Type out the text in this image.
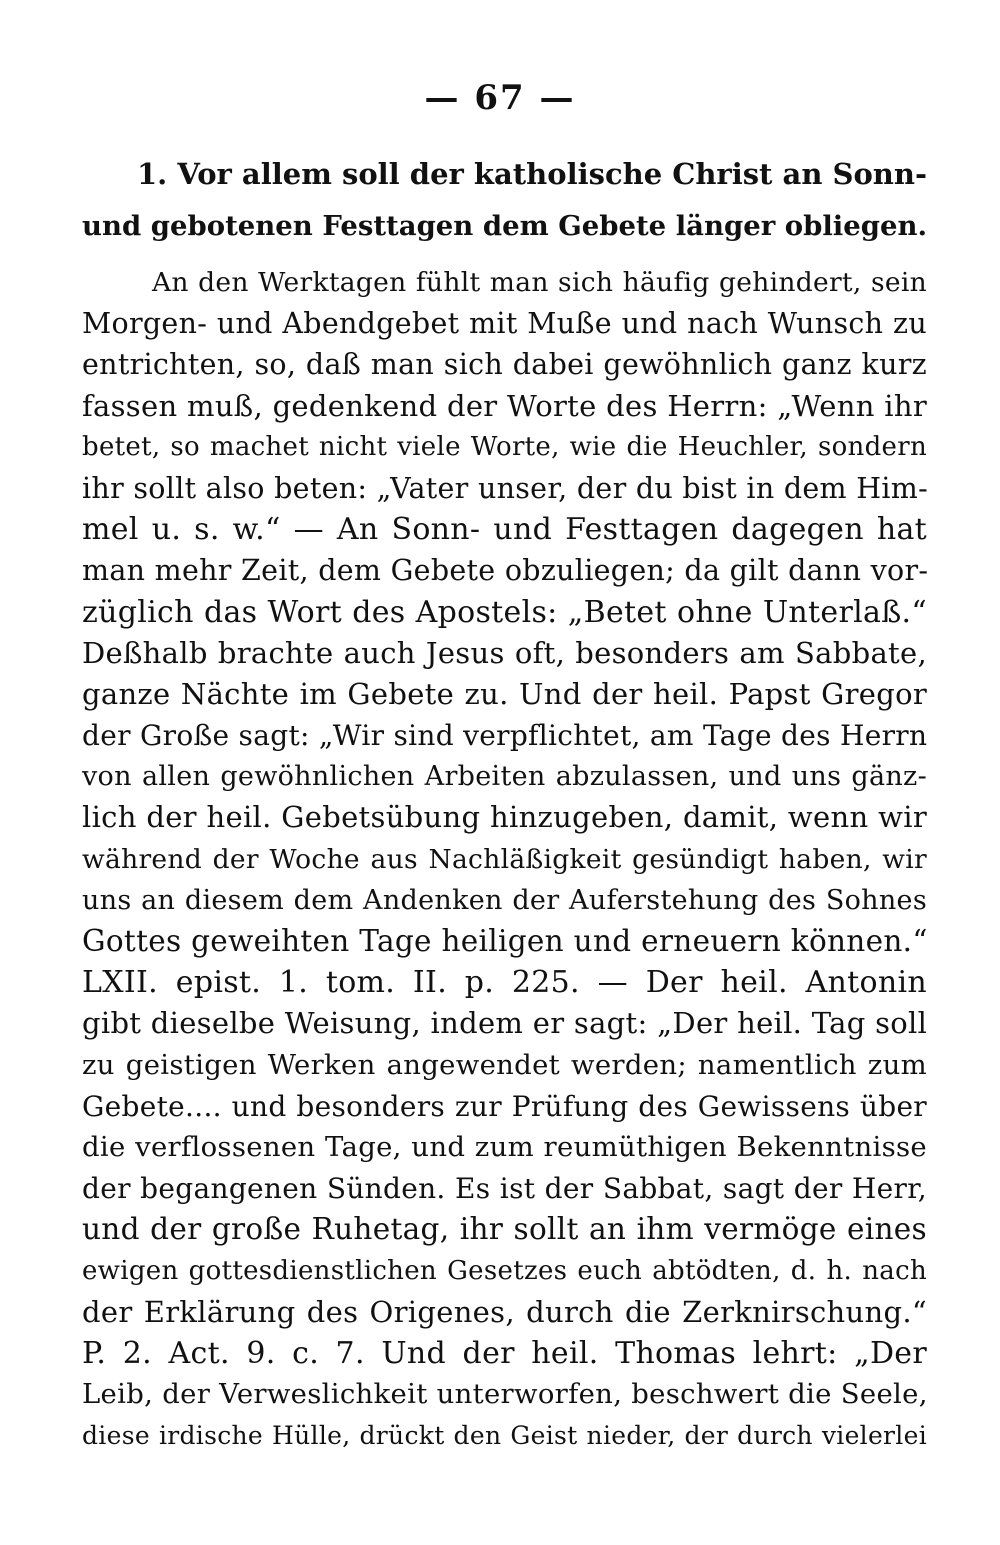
— 67 —
1. Vor allem soll der katholische Christ an Sonn-
und gebotenen Festtagen dem Gebete länger obliegen.
An den Werktagen fühlt man sich häufig gehindert, sein
Morgen- und Abendgebet mit Muße und nach Wunsch zu
entrichten, so, daß man sich dabei gewöhnlich ganz kurz
fassen muß, gedenkend der Worte des Herrn: „Wenn ihr
betet, so machet nicht viele Worte, wie die Heuchler, sondern
ihr sollt also beten: „Vater unser, der du bist in dem Him-
mel u. s. w.“ — An Sonn- und Festtagen dagegen hat
man mehr Zeit, dem Gebete obzuliegen; da gilt dann vor-
züglich das Wort des Apostels: „Betet ohne Unterlaß.“
Deßhalb brachte auch Jesus oft, besonders am Sabbate,
ganze Nächte im Gebete zu. Und der heil. Papst Gregor
der Große sagt: „Wir sind verpflichtet, am Tage des Herrn
von allen gewöhnlichen Arbeiten abzulassen, und uns gänz-
lich der heil. Gebetsübung hinzugeben, damit, wenn wir
während der Woche aus Nachläßigkeit gesündigt haben, wir
uns an diesem dem Andenken der Auferstehung des Sohnes
Gottes geweihten Tage heiligen und erneuern können.“
LXII. epist. 1. tom. II. p. 225. — Der heil. Antonin
gibt dieselbe Weisung, indem er sagt: „Der heil. Tag soll
zu geistigen Werken angewendet werden; namentlich zum
Gebete.... und besonders zur Prüfung des Gewissens über
die verflossenen Tage, und zum reumüthigen Bekenntnisse
der begangenen Sünden. Es ist der Sabbat, sagt der Herr,
und der große Ruhetag, ihr sollt an ihm vermöge eines
ewigen gottesdienstlichen Gesetzes euch abtödten, d. h. nach
der Erklärung des Origenes, durch die Zerknirschung.“
P. 2. Act. 9. c. 7. Und der heil. Thomas lehrt: „Der
Leib, der Verweslichkeit unterworfen, beschwert die Seele,
diese irdische Hülle, drückt den Geist nieder, der durch vielerlei
